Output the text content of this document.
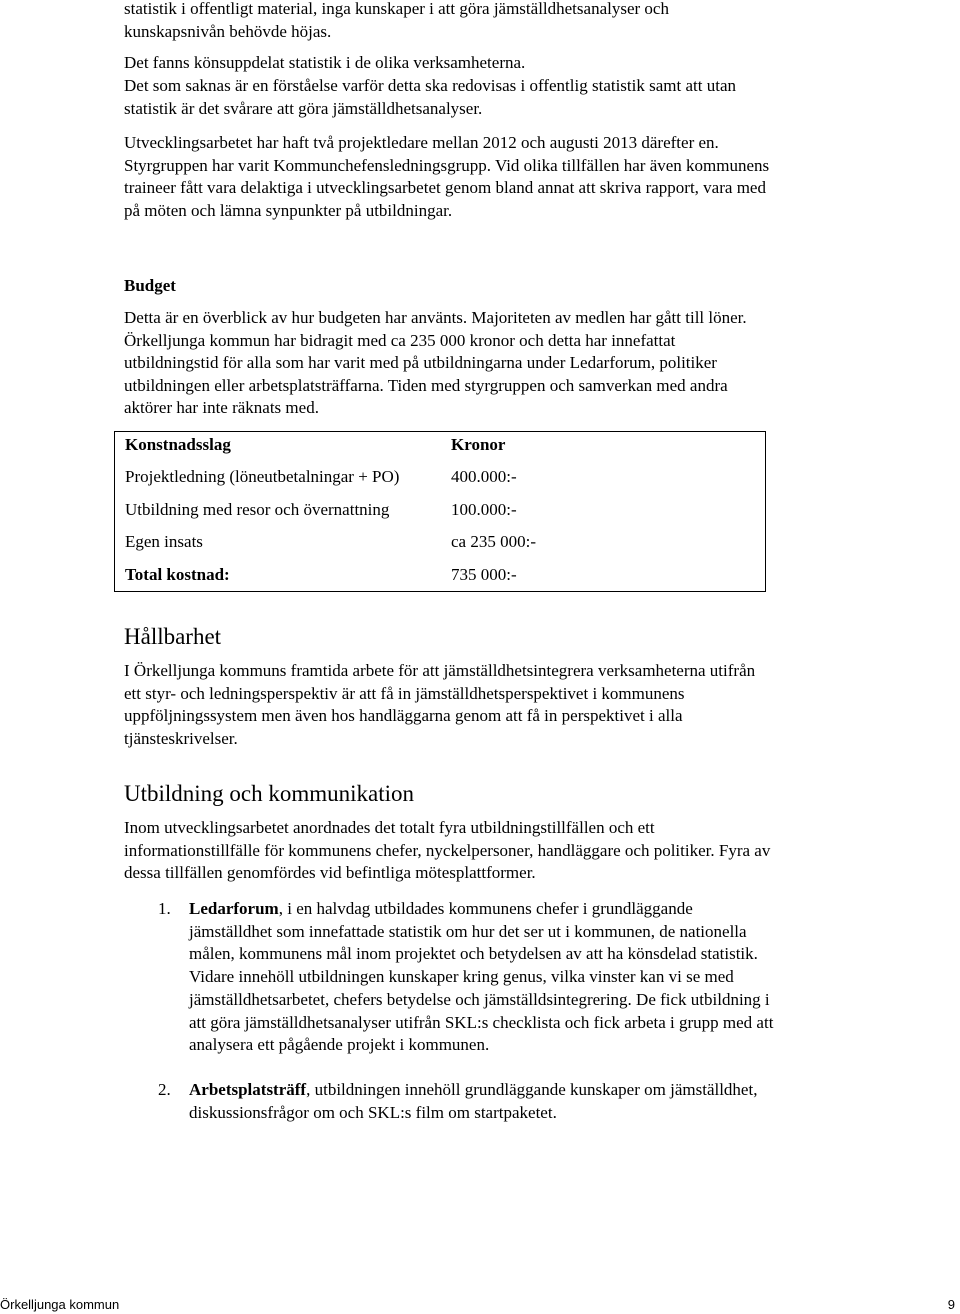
statistik i offentligt material, inga kunskaper i att göra jämställdhetsanalyser och kunskapsnivån behövde höjas.

Det fanns könsuppdelat statistik i de olika verksamheterna.

Det som saknas är en förståelse varför detta ska redovisas i offentlig statistik samt att utan statistik är det svårare att göra jämställdhetsanalyser.

Utvecklingsarbetet har haft två projektledare mellan 2012 och augusti 2013 därefter en. Styrgruppen har varit Kommunchefensledningsgrupp. Vid olika tillfällen har även kommunens traineer fått vara delaktiga i utvecklingsarbetet genom bland annat att skriva rapport, vara med på möten och lämna synpunkter på utbildningar.

Budget

Detta är en överblick av hur budgeten har använts. Majoriteten av medlen har gått till löner. Örkelljunga kommun har bidragit med ca 235 000 kronor och detta har innefattat utbildningstid för alla som har varit med på utbildningarna under Ledarforum, politiker utbildningen eller arbetsplatsträffarna. Tiden med styrgruppen och samverkan med andra aktörer har inte räknats med.

Konstnadsslag	Kronor
Projektledning (löneutbetalningar + PO)	400.000:-
Utbildning med resor och övernattning	100.000:-
Egen insats	ca 235 000:-
Total kostnad:	735 000:-
Hållbarhet

I Örkelljunga kommuns framtida arbete för att jämställdhetsintegrera verksamheterna utifrån ett styr- och ledningsperspektiv är att få in jämställdhetsperspektivet i kommunens uppföljningssystem men även hos handläggarna genom att få in perspektivet i alla tjänsteskrivelser.

Utbildning och kommunikation

Inom utvecklingsarbetet anordnades det totalt fyra utbildningstillfällen och ett informationstillfälle för kommunens chefer, nyckelpersoner, handläggare och politiker. Fyra av dessa tillfällen genomfördes vid befintliga mötesplattformer.

1. Ledarforum, i en halvdag utbildades kommunens chefer i grundläggande jämställdhet som innefattade statistik om hur det ser ut i kommunen, de nationella målen, kommunens mål inom projektet och betydelsen av att ha könsdelad statistik. Vidare innehöll utbildningen kunskaper kring genus, vilka vinster kan vi se med jämställdhetsarbetet, chefers betydelse och jämställdsintegrering. De fick utbildning i att göra jämställdhetsanalyser utifrån SKL:s checklista och fick arbeta i grupp med att analysera ett pågående projekt i kommunen.
2. Arbetsplatsträff, utbildningen innehöll grundläggande kunskaper om jämställdhet, diskussionsfrågor om och SKL:s film om startpaketet.
Örkelljunga kommun	9
